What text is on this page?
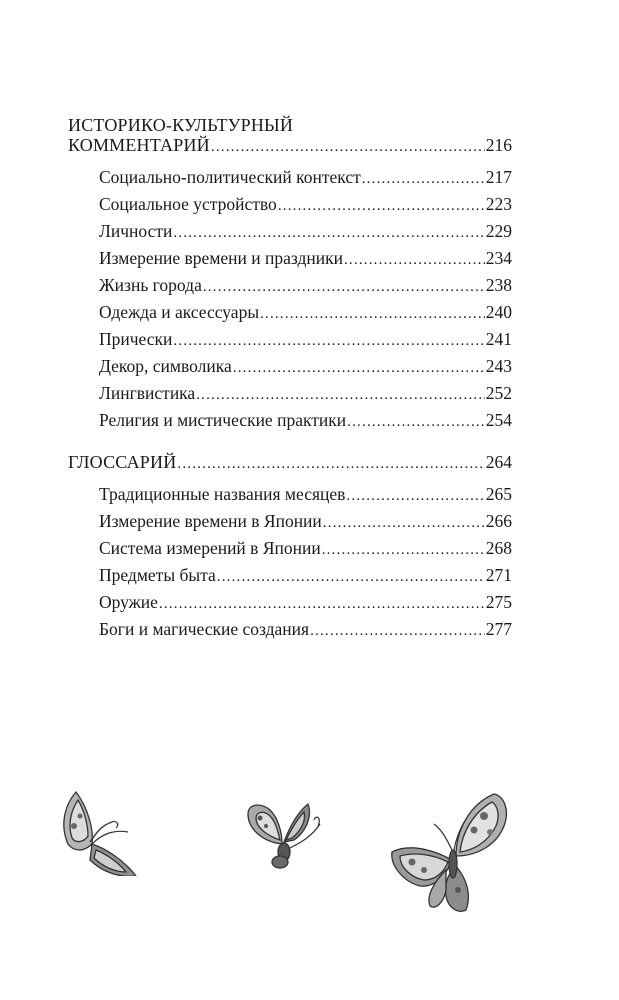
ИСТОРИКО-КУЛЬТУРНЫЙ
КОММЕНТАРИЙ .....	216
Социально-политический контекст .....	217
Социальное устройство .....	223
Личности .....	229
Измерение времени и праздники .....	234
Жизнь города .....	238
Одежда и аксессуары .....	240
Прически .....	241
Декор, символика .....	243
Лингвистика .....	252
Религия и мистические практики .....	254
ГЛОССАРИЙ .....	264
Традиционные названия месяцев .....	265
Измерение времени в Японии .....	266
Система измерений в Японии .....	268
Предметы быта .....	271
Оружие .....	275
Боги и магические создания .....	277
